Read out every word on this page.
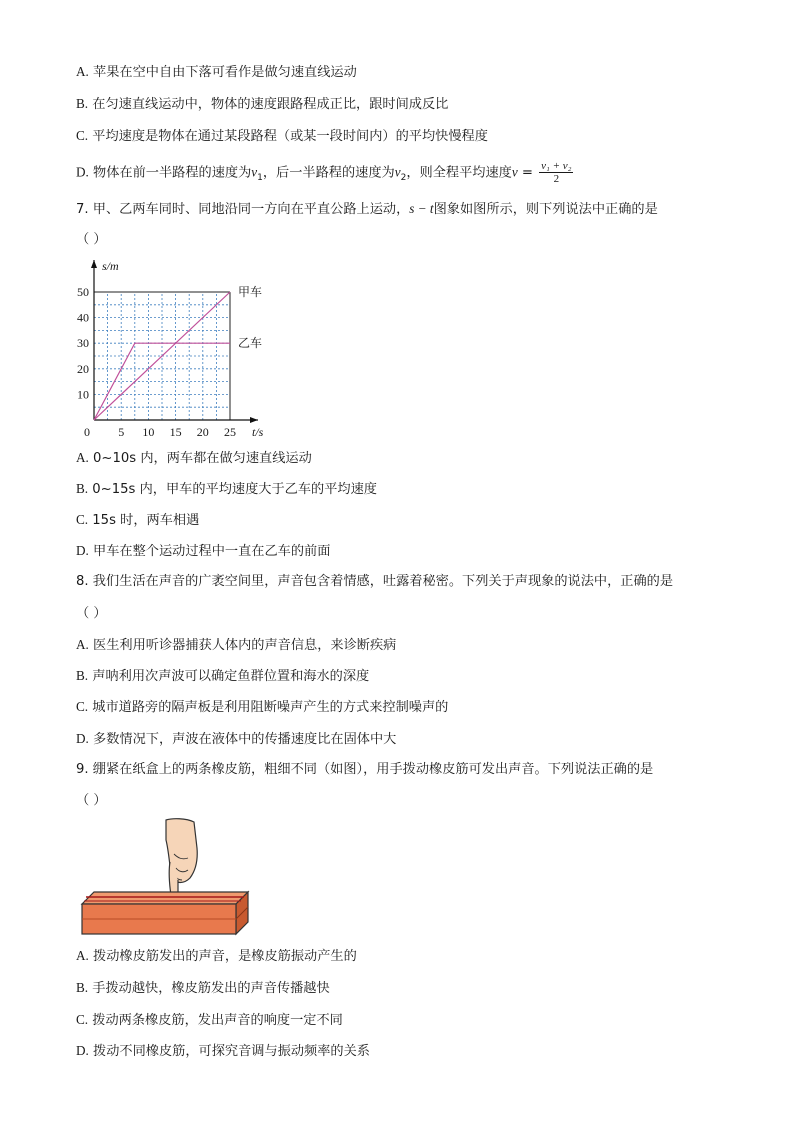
A. 苹果在空中自由下落可看作是做匀速直线运动
B. 在匀速直线运动中，物体的速度跟路程成正比，跟时间成反比
C. 平均速度是物体在通过某段路程（或某一段时间内）的平均快慢程度
D. 物体在前一半路程的速度为$v_1$，后一半路程的速度为$v_2$，则全程平均速度$v = \frac{\text{v₁ + v₂}}{2}$
7. 甲、乙两车同时、同地沿同一方向在平直公路上运动，s − t图象如图所示，则下列说法中正确的是
（ ）
甲车
乙车
5 10 15 20 25
10
20
30
40
50
0
s/m
t/s
A. 0~10s 内，两车都在做匀速直线运动
B. 0~15s 内，甲车的平均速度大于乙车的平均速度
C. 15s 时，两车相遇
D. 甲车在整个运动过程中一直在乙车的前面
8. 我们生活在声音的广袤空间里，声音包含着情感，吐露着秘密。下列关于声现象的说法中，正确的是
（ ）
A. 医生利用听诊器捕获人体内的声音信息，来诊断疾病
B. 声呐利用次声波可以确定鱼群位置和海水的深度
C. 城市道路旁的隔声板是利用阻断噪声产生的方式来控制噪声的
D. 多数情况下，声波在液体中的传播速度比在固体中大
9. 绷紧在纸盒上的两条橡皮筋，粗细不同（如图），用手拨动橡皮筋可发出声音。下列说法正确的是
（ ）
A. 拨动橡皮筋发出的声音，是橡皮筋振动产生的
B. 手拨动越快，橡皮筋发出的声音传播越快
C. 拨动两条橡皮筋，发出声音的响度一定不同
D. 拨动不同橡皮筋，可探究音调与振动频率的关系
